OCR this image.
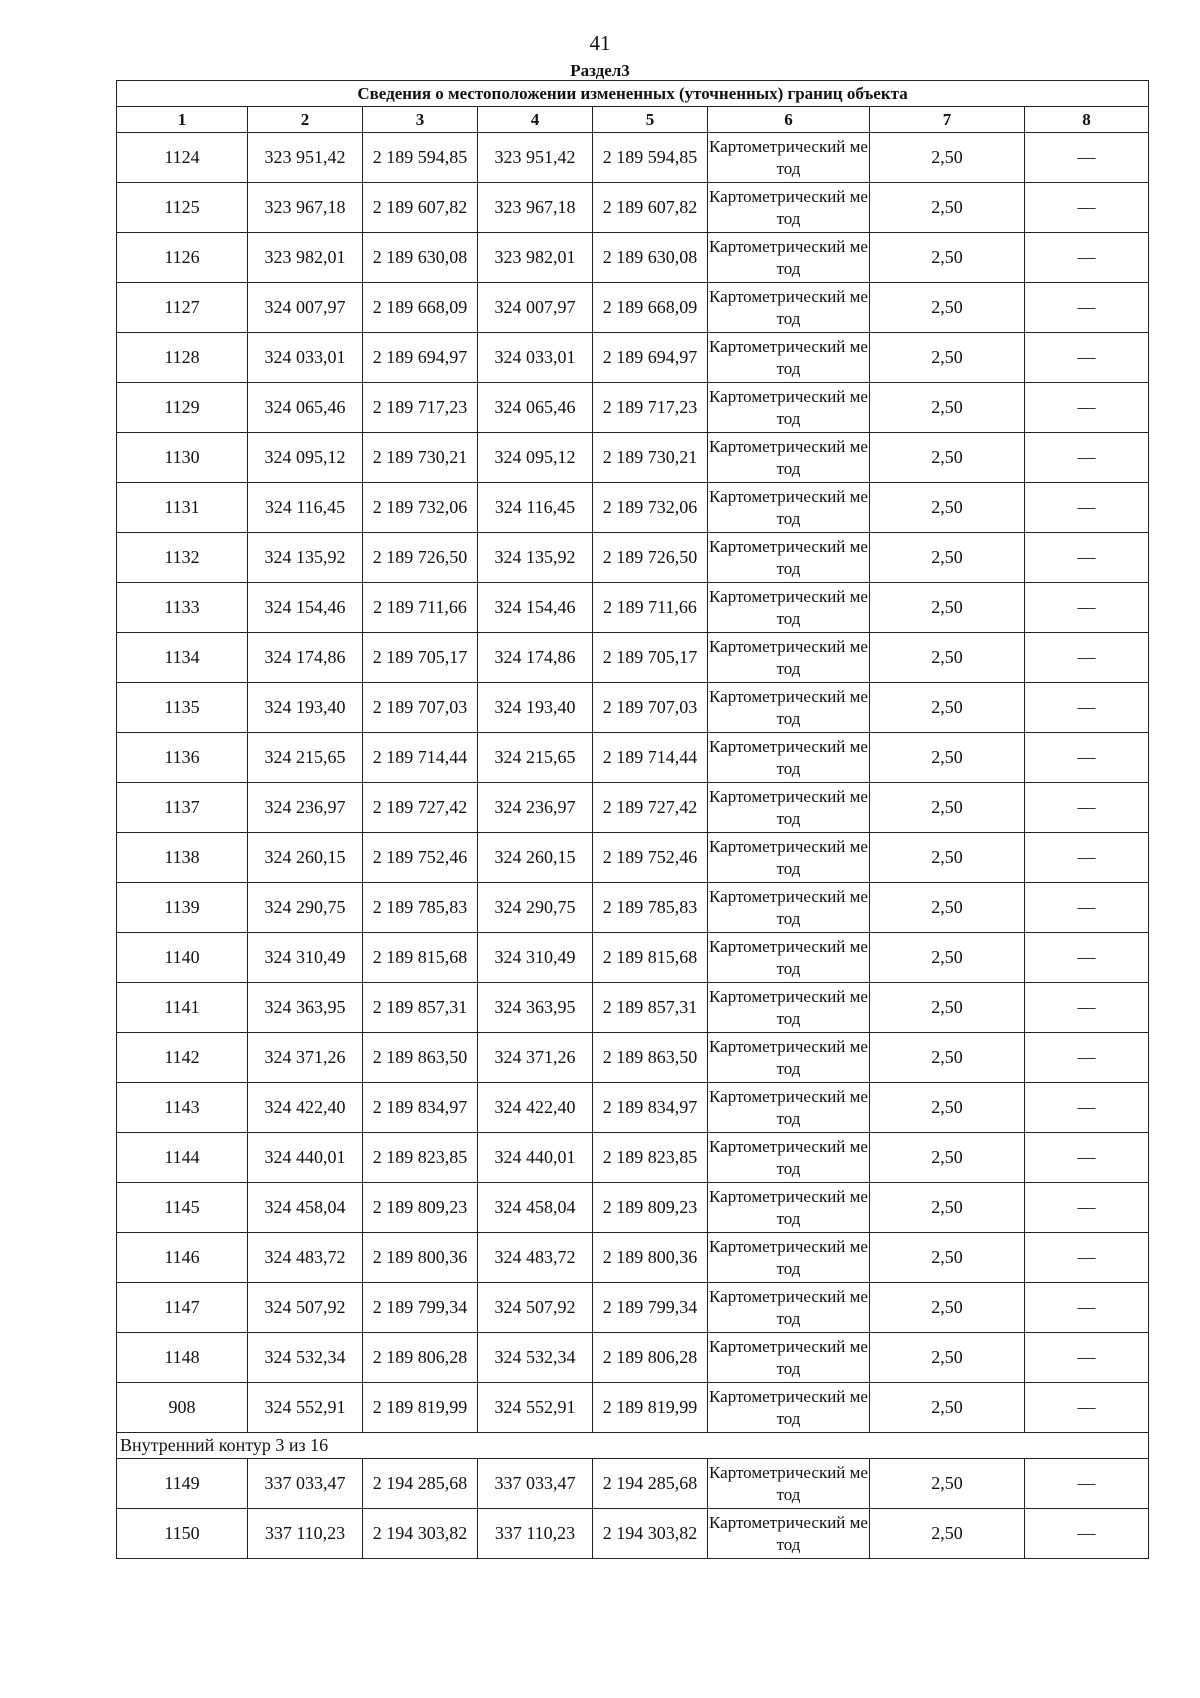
41
Раздел3
Сведения о местоположении измененных (уточненных) границ объекта							
1	2	3	4	5	6	7	8
1124	323 951,42	2 189 594,85	323 951,42	2 189 594,85	Картометрический метод	2,50	—
1125	323 967,18	2 189 607,82	323 967,18	2 189 607,82	Картометрический метод	2,50	—
1126	323 982,01	2 189 630,08	323 982,01	2 189 630,08	Картометрический метод	2,50	—
1127	324 007,97	2 189 668,09	324 007,97	2 189 668,09	Картометрический метод	2,50	—
1128	324 033,01	2 189 694,97	324 033,01	2 189 694,97	Картометрический метод	2,50	—
1129	324 065,46	2 189 717,23	324 065,46	2 189 717,23	Картометрический метод	2,50	—
1130	324 095,12	2 189 730,21	324 095,12	2 189 730,21	Картометрический метод	2,50	—
1131	324 116,45	2 189 732,06	324 116,45	2 189 732,06	Картометрический метод	2,50	—
1132	324 135,92	2 189 726,50	324 135,92	2 189 726,50	Картометрический метод	2,50	—
1133	324 154,46	2 189 711,66	324 154,46	2 189 711,66	Картометрический метод	2,50	—
1134	324 174,86	2 189 705,17	324 174,86	2 189 705,17	Картометрический метод	2,50	—
1135	324 193,40	2 189 707,03	324 193,40	2 189 707,03	Картометрический метод	2,50	—
1136	324 215,65	2 189 714,44	324 215,65	2 189 714,44	Картометрический метод	2,50	—
1137	324 236,97	2 189 727,42	324 236,97	2 189 727,42	Картометрический метод	2,50	—
1138	324 260,15	2 189 752,46	324 260,15	2 189 752,46	Картометрический метод	2,50	—
1139	324 290,75	2 189 785,83	324 290,75	2 189 785,83	Картометрический метод	2,50	—
1140	324 310,49	2 189 815,68	324 310,49	2 189 815,68	Картометрический метод	2,50	—
1141	324 363,95	2 189 857,31	324 363,95	2 189 857,31	Картометрический метод	2,50	—
1142	324 371,26	2 189 863,50	324 371,26	2 189 863,50	Картометрический метод	2,50	—
1143	324 422,40	2 189 834,97	324 422,40	2 189 834,97	Картометрический метод	2,50	—
1144	324 440,01	2 189 823,85	324 440,01	2 189 823,85	Картометрический метод	2,50	—
1145	324 458,04	2 189 809,23	324 458,04	2 189 809,23	Картометрический метод	2,50	—
1146	324 483,72	2 189 800,36	324 483,72	2 189 800,36	Картометрический метод	2,50	—
1147	324 507,92	2 189 799,34	324 507,92	2 189 799,34	Картометрический метод	2,50	—
1148	324 532,34	2 189 806,28	324 532,34	2 189 806,28	Картометрический метод	2,50	—
908	324 552,91	2 189 819,99	324 552,91	2 189 819,99	Картометрический метод	2,50	—
Внутренний контур 3 из 16							
1149	337 033,47	2 194 285,68	337 033,47	2 194 285,68	Картометрический метод	2,50	—
1150	337 110,23	2 194 303,82	337 110,23	2 194 303,82	Картометрический метод	2,50	—
